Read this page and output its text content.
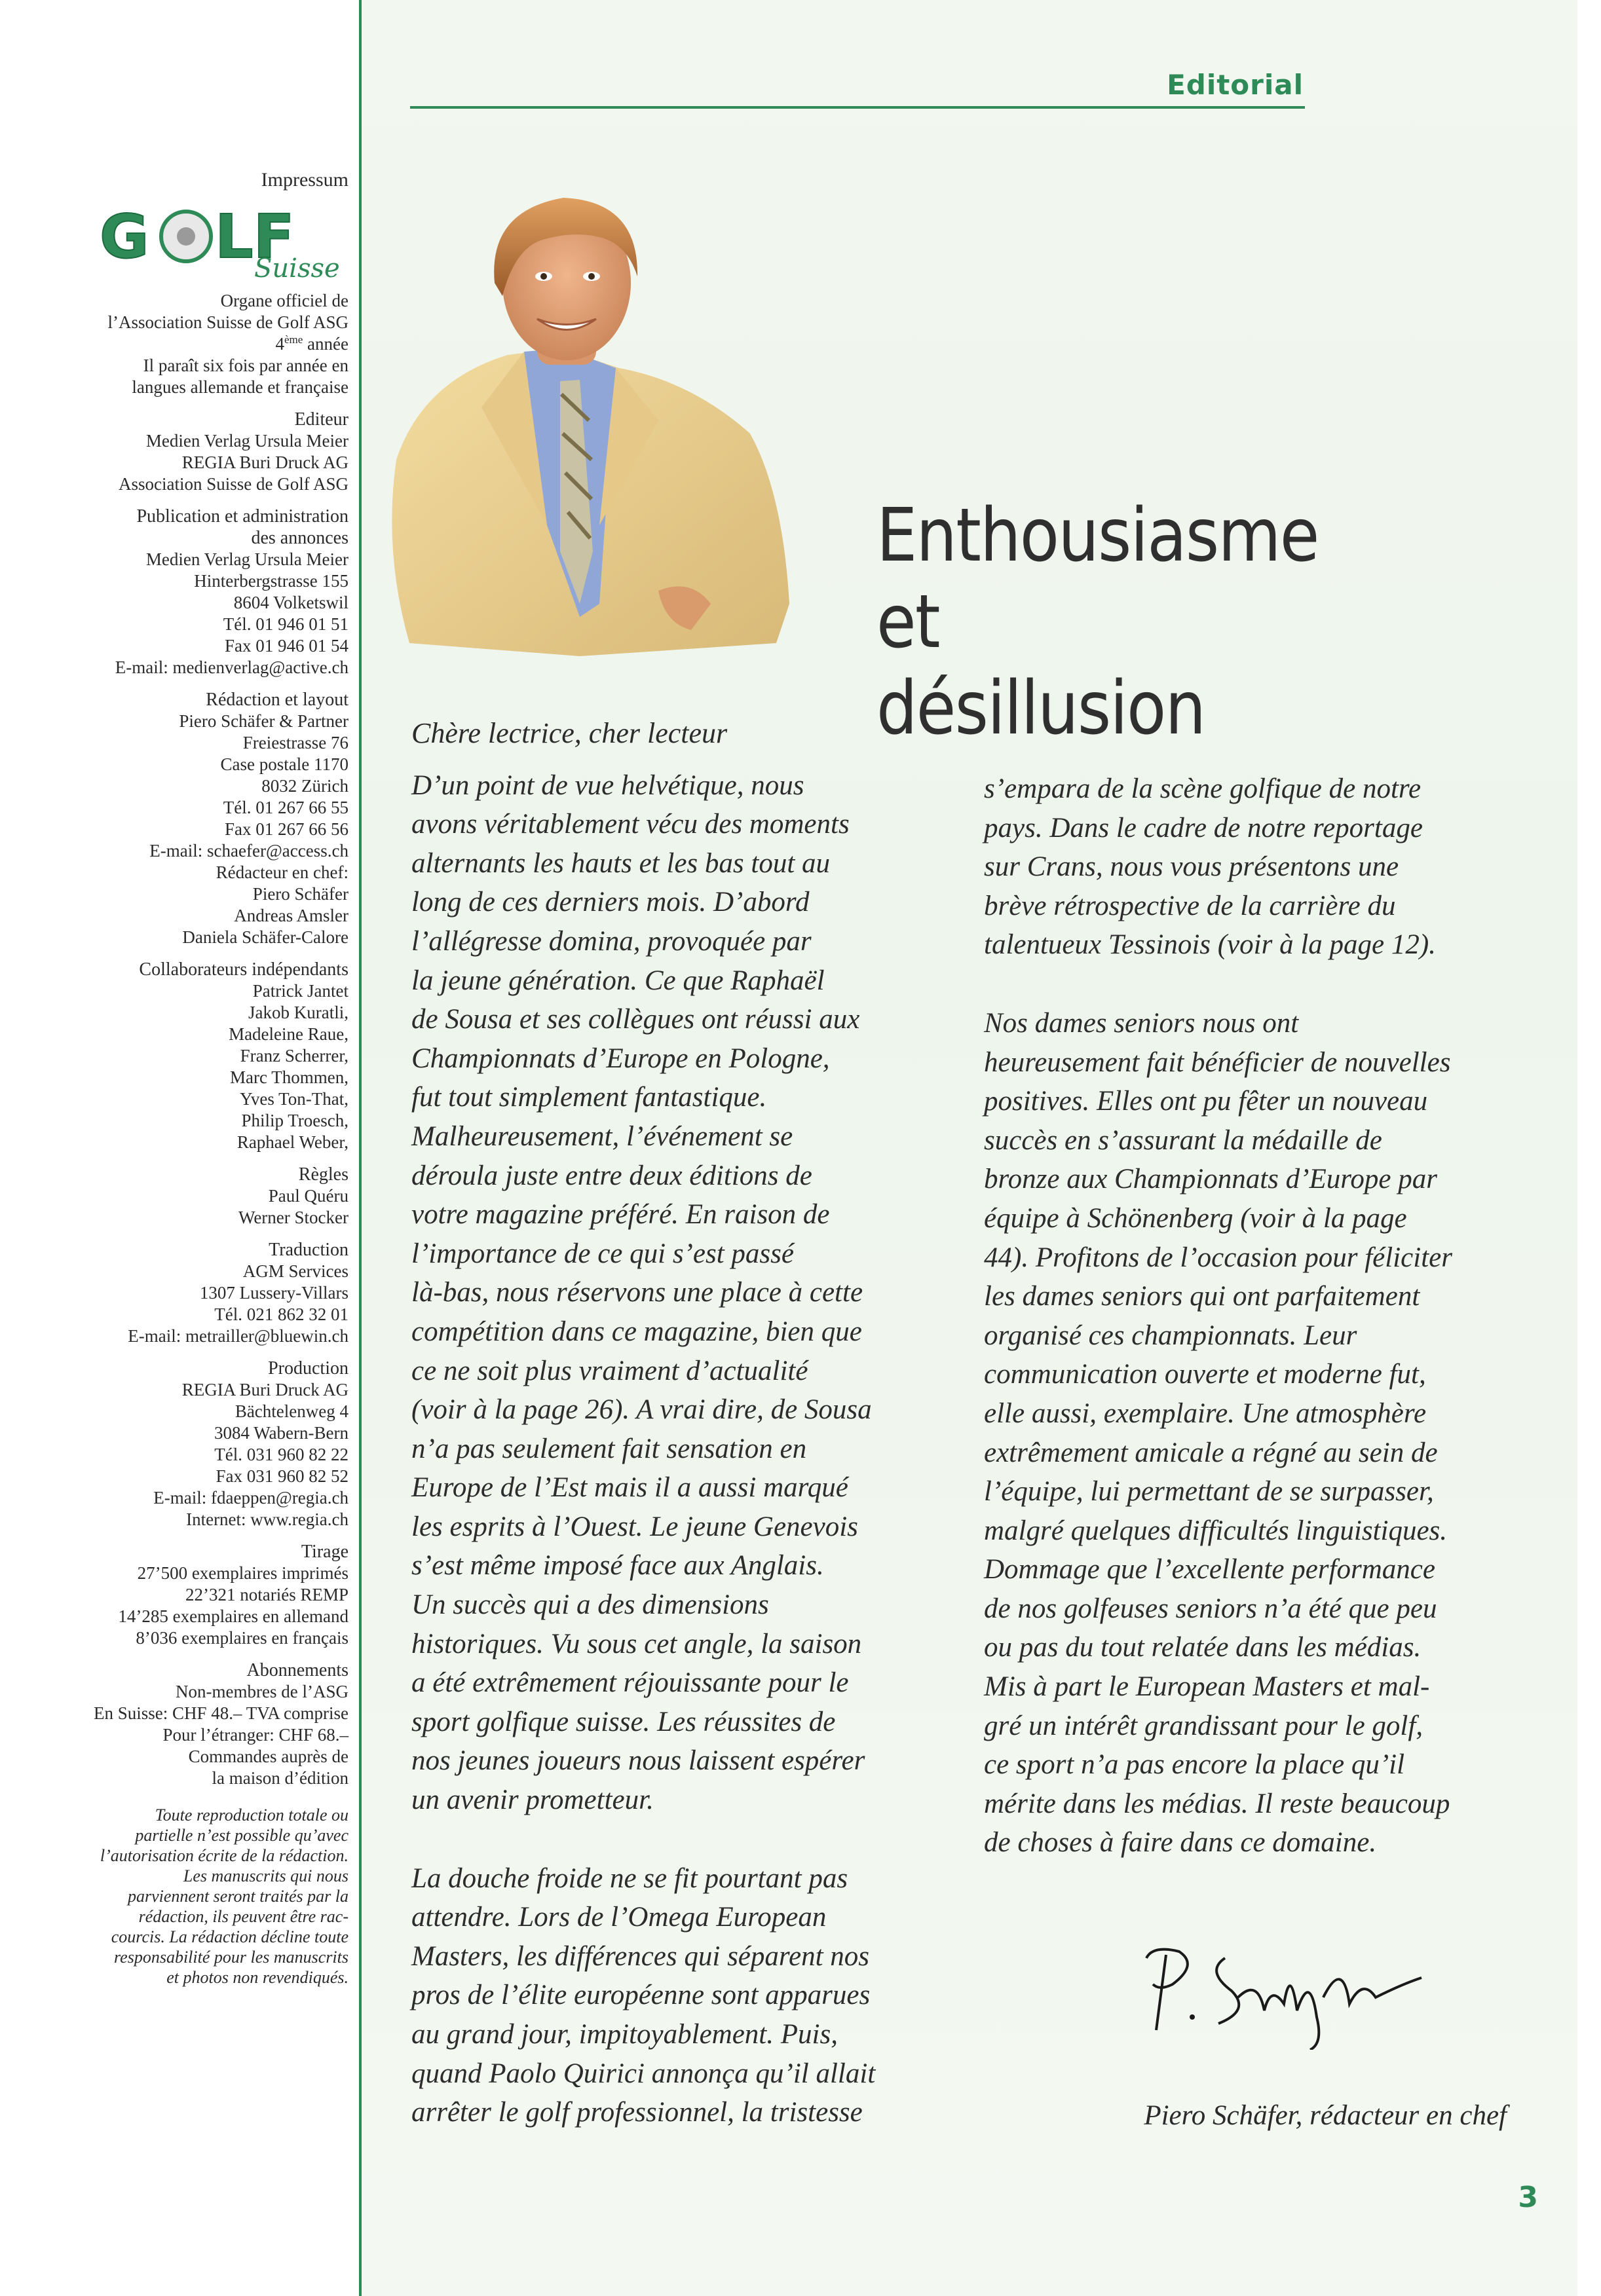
Impressum
G LF
Suisse
Organe officiel de
l’Association Suisse de Golf ASG
4ème année
Il paraît six fois par année en
langues allemande et française
Editeur
Medien Verlag Ursula Meier
REGIA Buri Druck AG
Association Suisse de Golf ASG
Publication et administration
des annonces
Medien Verlag Ursula Meier
Hinterbergstrasse 155
8604 Volketswil
Tél. 01 946 01 51
Fax 01 946 01 54
E-mail: medienverlag@active.ch
Rédaction et layout
Piero Schäfer & Partner
Freiestrasse 76
Case postale 1170
8032 Zürich
Tél. 01 267 66 55
Fax 01 267 66 56
E-mail: schaefer@access.ch
Rédacteur en chef:
Piero Schäfer
Andreas Amsler
Daniela Schäfer-Calore
Collaborateurs indépendants
Patrick Jantet
Jakob Kuratli,
Madeleine Raue,
Franz Scherrer,
Marc Thommen,
Yves Ton-That,
Philip Troesch,
Raphael Weber,
Règles
Paul Quéru
Werner Stocker
Traduction
AGM Services
1307 Lussery-Villars
Tél. 021 862 32 01
E-mail: metrailler@bluewin.ch
Production
REGIA Buri Druck AG
Bächtelenweg 4
3084 Wabern-Bern
Tél. 031 960 82 22
Fax 031 960 82 52
E-mail: fdaeppen@regia.ch
Internet: www.regia.ch
Tirage
27’500 exemplaires imprimés
22’321 notariés REMP
14’285 exemplaires en allemand
8’036 exemplaires en français
Abonnements
Non-membres de l’ASG
En Suisse: CHF 48.– TVA comprise
Pour l’étranger: CHF 68.–
Commandes auprès de
la maison d’édition
Toute reproduction totale ou
partielle n’est possible qu’avec
l’autorisation écrite de la rédaction.
Les manuscrits qui nous
parviennent seront traités par la
rédaction, ils peuvent être rac-
courcis. La rédaction décline toute
responsabilité pour les manuscrits
et photos non revendiqués.
Editorial
Enthousiasme et
désillusion
Chère lectrice, cher lecteur
D’un point de vue helvétique, nous
avons véritablement vécu des moments
alternants les hauts et les bas tout au
long de ces derniers mois. D’abord
l’allégresse domina, provoquée par
la jeune génération. Ce que Raphaël
de Sousa et ses collègues ont réussi aux
Championnats d’Europe en Pologne,
fut tout simplement fantastique.
Malheureusement, l’événement se
déroula juste entre deux éditions de
votre magazine préféré. En raison de
l’importance de ce qui s’est passé
là-bas, nous réservons une place à cette
compétition dans ce magazine, bien que
ce ne soit plus vraiment d’actualité
(voir à la page 26). A vrai dire, de Sousa
n’a pas seulement fait sensation en
Europe de l’Est mais il a aussi marqué
les esprits à l’Ouest. Le jeune Genevois
s’est même imposé face aux Anglais.
Un succès qui a des dimensions
historiques. Vu sous cet angle, la saison
a été extrêmement réjouissante pour le
sport golfique suisse. Les réussites de
nos jeunes joueurs nous laissent espérer
un avenir prometteur.
La douche froide ne se fit pourtant pas
attendre. Lors de l’Omega European
Masters, les différences qui séparent nos
pros de l’élite européenne sont apparues
au grand jour, impitoyablement. Puis,
quand Paolo Quirici annonça qu’il allait
arrêter le golf professionnel, la tristesse
s’empara de la scène golfique de notre
pays. Dans le cadre de notre reportage
sur Crans, nous vous présentons une
brève rétrospective de la carrière du
talentueux Tessinois (voir à la page 12).
Nos dames seniors nous ont
heureusement fait bénéficier de nouvelles
positives. Elles ont pu fêter un nouveau
succès en s’assurant la médaille de
bronze aux Championnats d’Europe par
équipe à Schönenberg (voir à la page
44). Profitons de l’occasion pour féliciter
les dames seniors qui ont parfaitement
organisé ces championnats. Leur
communication ouverte et moderne fut,
elle aussi, exemplaire. Une atmosphère
extrêmement amicale a régné au sein de
l’équipe, lui permettant de se surpasser,
malgré quelques difficultés linguistiques.
Dommage que l’excellente performance
de nos golfeuses seniors n’a été que peu
ou pas du tout relatée dans les médias.
Mis à part le European Masters et mal-
gré un intérêt grandissant pour le golf,
ce sport n’a pas encore la place qu’il
mérite dans les médias. Il reste beaucoup
de choses à faire dans ce domaine.
Piero Schäfer, rédacteur en chef
3
